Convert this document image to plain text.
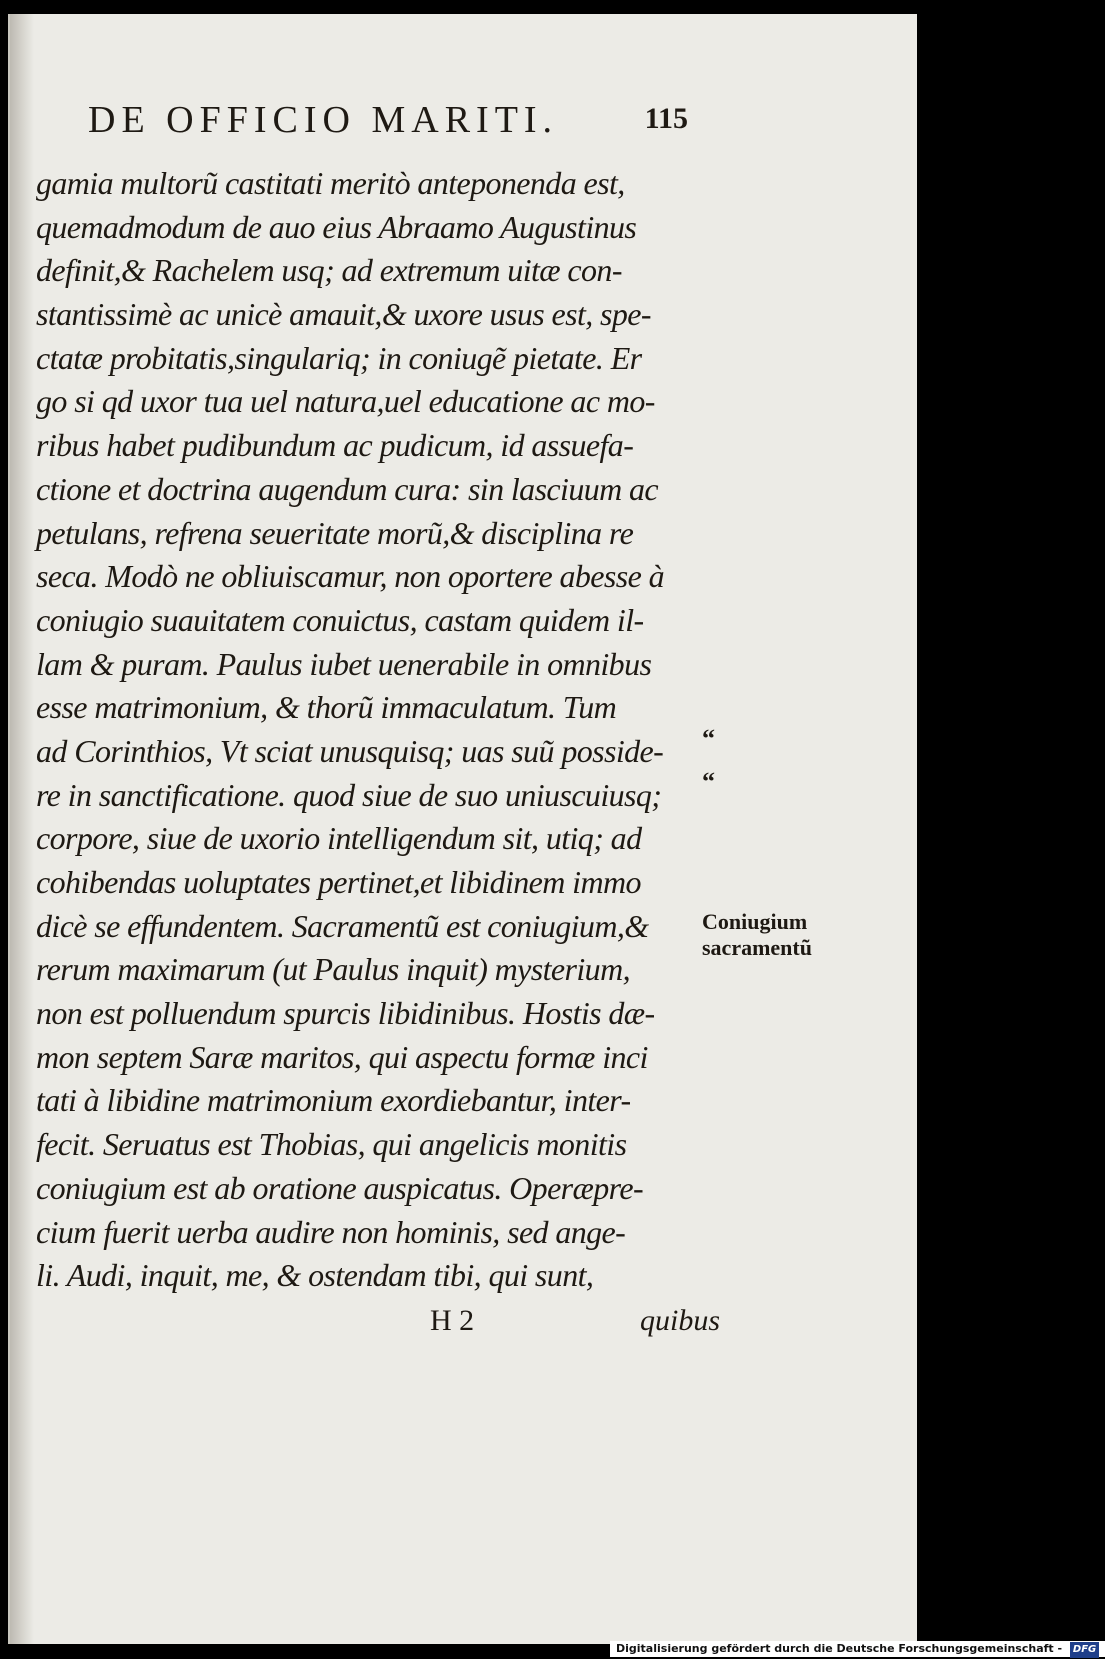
DE OFFICIO MARITI.	115
gamia multorũ castitati meritò anteponenda est,
quemadmodum de auo eius Abraamo Augustinus
definit,& Rachelem usq; ad extremum uitæ con-
stantissimè ac unicè amauit,& uxore usus est, spe-
ctatæ probitatis,singulariq; in coniugẽ pietate. Er
go si qd uxor tua uel natura,uel educatione ac mo-
ribus habet pudibundum ac pudicum, id assuefa-
ctione et doctrina augendum cura: sin lasciuum ac
petulans, refrena seueritate morũ,& disciplina re
seca. Modò ne obliuiscamur, non oportere abesse à
coniugio suauitatem conuictus, castam quidem il-
lam & puram. Paulus iubet uenerabile in omnibus
esse matrimonium, & thorũ immaculatum. Tum
ad Corinthios, Vt sciat unusquisq; uas suũ posside-
re in sanctificatione. quod siue de suo uniuscuiusq;
corpore, siue de uxorio intelligendum sit, utiq; ad
cohibendas uoluptates pertinet,et libidinem immo
dicè se effundentem. Sacramentũ est coniugium,&
rerum maximarum (ut Paulus inquit) mysterium,
non est polluendum spurcis libidinibus. Hostis dæ-
mon septem Saræ maritos, qui aspectu formæ inci
tati à libidine matrimonium exordiebantur, inter-
fecit. Seruatus est Thobias, qui angelicis monitis
coniugium est ab oratione auspicatus. Operæpre-
cium fuerit uerba audire non hominis, sed ange-
li. Audi, inquit, me, & ostendam tibi, qui sunt,
H 2	quibus
“
“
Coniugium
sacramentũ
Digitalisierung gefördert durch die Deutsche Forschungsgemeinschaft - DFG
